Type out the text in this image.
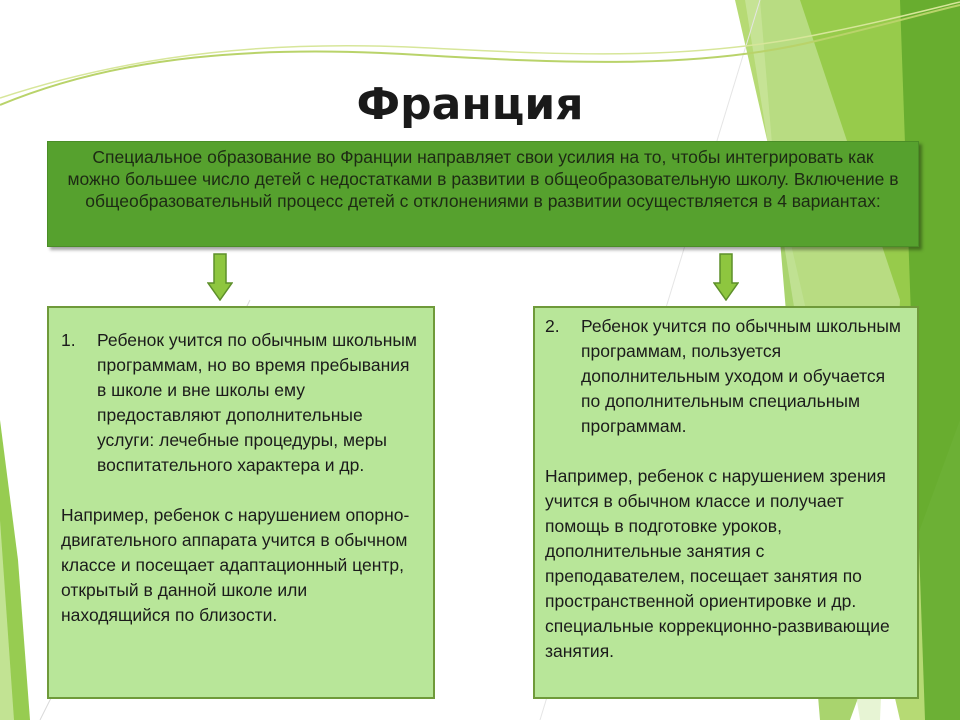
Франция
Специальное образование во Франции направляет свои усилия на то, чтобы интегрировать как можно большее число детей с недостатками в развитии в общеобразовательную школу. Включение в общеобразовательный процесс детей с отклонениями в развитии осуществляется в 4 вариантах:
1.	Ребенок учится по обычным школьным программам, но во время пребывания в школе и вне школы ему предоставляют дополнительные услуги: лечебные процедуры, меры воспитательного характера и др.
Например, ребенок с нарушением опорно-двигательного аппарата учится в обычном классе и посещает адаптационный центр, открытый в данной школе или находящийся по близости.
2.	Ребенок учится по обычным школьным программам, пользуется дополнительным уходом и обучается по дополнительным специальным программам.
Например, ребенок с нарушением зрения учится в обычном классе и получает помощь в подготовке уроков, дополнительные занятия с преподавателем, посещает занятия по пространственной ориентировке и др. специальные коррекционно-развивающие занятия.
